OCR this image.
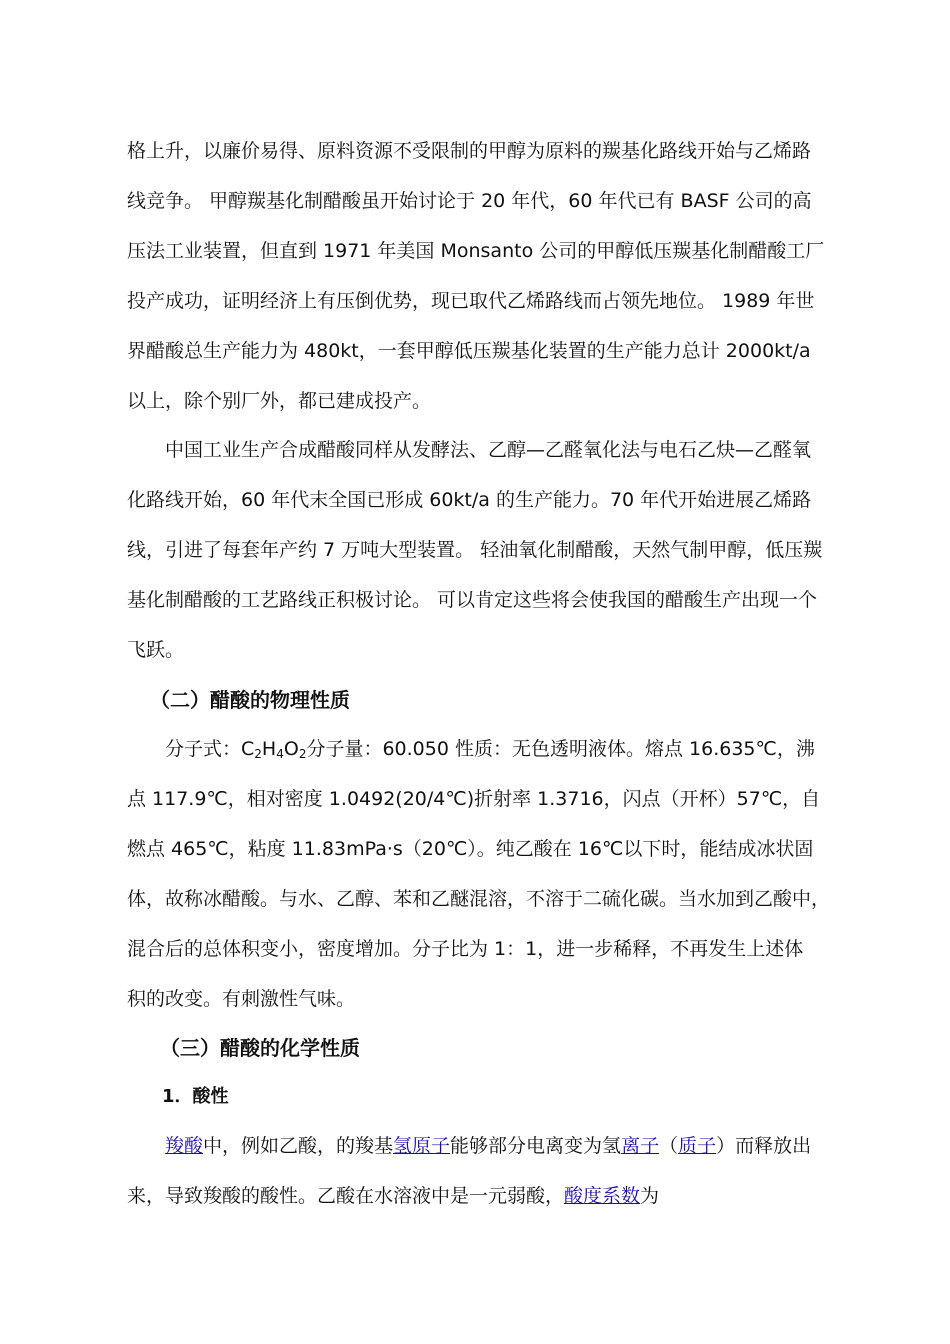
格上升，以廉价易得、原料资源不受限制的甲醇为原料的羰基化路线开始与乙烯路
线竞争。 甲醇羰基化制醋酸虽开始讨论于 20 年代，60 年代已有 BASF 公司的高
压法工业装置，但直到 1971 年美国 Monsanto 公司的甲醇低压羰基化制醋酸工厂
投产成功，证明经济上有压倒优势，现已取代乙烯路线而占领先地位。 1989 年世
界醋酸总生产能力为 480kt，一套甲醇低压羰基化装置的生产能力总计 2000kt/a
以上，除个别厂外，都已建成投产。
中国工业生产合成醋酸同样从发酵法、乙醇—乙醛氧化法与电石乙炔—乙醛氧
化路线开始，60 年代末全国已形成 60kt/a 的生产能力。70 年代开始进展乙烯路
线，引进了每套年产约 7 万吨大型装置。 轻油氧化制醋酸，天然气制甲醇，低压羰
基化制醋酸的工艺路线正积极讨论。 可以肯定这些将会使我国的醋酸生产出现一个
飞跃。
（二）醋酸的物理性质
分子式：$C_2H_4O_2$分子量：60.050 性质：无色透明液体。熔点 16.635℃，沸
点 117.9℃，相对密度 1.0492(20/4℃)折射率 1.3716，闪点（开杯）57℃，自
燃点 465℃，粘度 11.83mPa·s（20℃）。纯乙酸在 16℃以下时，能结成冰状固
体，故称冰醋酸。与水、乙醇、苯和乙醚混溶，不溶于二硫化碳。当水加到乙酸中，
混合后的总体积变小，密度增加。分子比为 1：1，进一步稀释，不再发生上述体
积的改变。有刺激性气味。
（三）醋酸的化学性质
1．酸性
羧酸中，例如乙酸，的羧基氢原子能够部分电离变为氢离子（质子）而释放出
来，导致羧酸的酸性。乙酸在水溶液中是一元弱酸，酸度系数为
